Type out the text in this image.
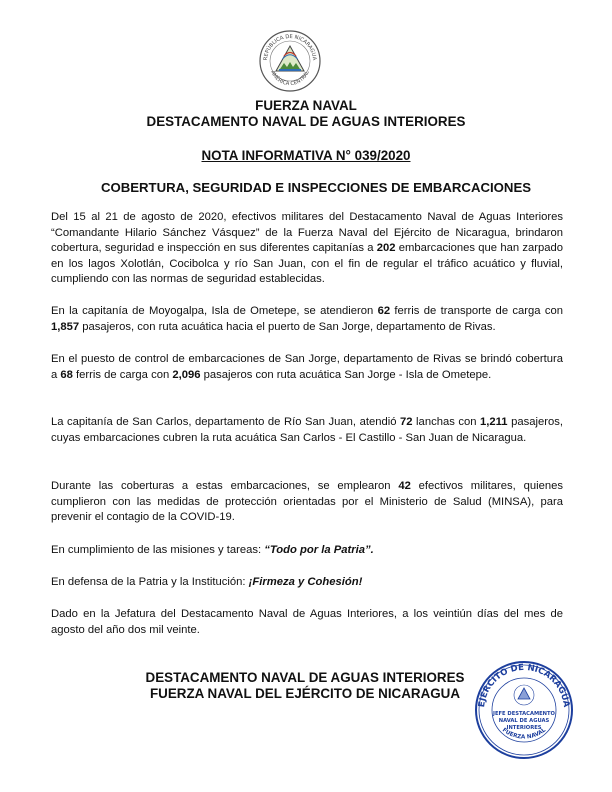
REPÚBLICA DE NICARAGUA
AMÉRICA CENTRAL
FUERZA NAVAL
DESTACAMENTO NAVAL DE AGUAS INTERIORES
NOTA INFORMATIVA N° 039/2020
COBERTURA, SEGURIDAD E INSPECCIONES DE EMBARCACIONES
Del 15 al 21 de agosto de 2020, efectivos militares del Destacamento Naval de Aguas Interiores “Comandante Hilario Sánchez Vásquez” de la Fuerza Naval del Ejército de Nicaragua, brindaron cobertura, seguridad e inspección en sus diferentes capitanías a 202 embarcaciones que han zarpado en los lagos Xolotlán, Cocibolca y río San Juan, con el fin de regular el tráfico acuático y fluvial, cumpliendo con las normas de seguridad establecidas.
En la capitanía de Moyogalpa, Isla de Ometepe, se atendieron 62 ferris de transporte de carga con 1,857 pasajeros, con ruta acuática hacia el puerto de San Jorge, departamento de Rivas.
En el puesto de control de embarcaciones de San Jorge, departamento de Rivas se brindó cobertura a 68 ferris de carga con 2,096 pasajeros con ruta acuática San Jorge - Isla de Ometepe.
La capitanía de San Carlos, departamento de Río San Juan, atendió 72 lanchas con 1,211 pasajeros, cuyas embarcaciones cubren la ruta acuática San Carlos - El Castillo - San Juan de Nicaragua.
Durante las coberturas a estas embarcaciones, se emplearon 42 efectivos militares, quienes cumplieron con las medidas de protección orientadas por el Ministerio de Salud (MINSA), para prevenir el contagio de la COVID-19.
En cumplimiento de las misiones y tareas: “Todo por la Patria”.
En defensa de la Patria y la Institución: ¡Firmeza y Cohesión!
Dado en la Jefatura del Destacamento Naval de Aguas Interiores, a los veintiún días del mes de agosto del año dos mil veinte.
DESTACAMENTO NAVAL DE AGUAS INTERIORES
FUERZA NAVAL DEL EJÉRCITO DE NICARAGUA
EJÉRCITO DE NICARAGUA
FUERZA NAVAL
JEFE DESTACAMENTO
NAVAL DE AGUAS
INTERIORES
